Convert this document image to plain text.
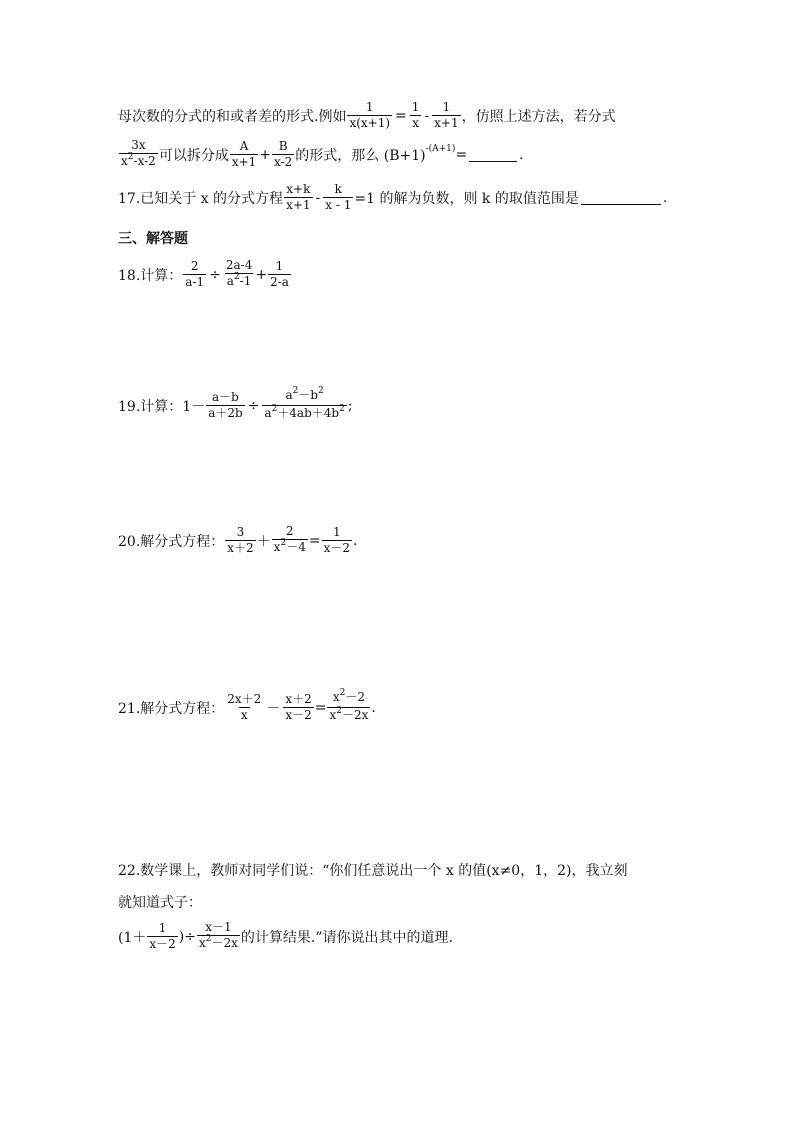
母次数的分式的和或者差的形式.例如 $\frac{1}{x(x+1)} = \frac{1}{x} - \frac{1}{x+1}$ ，仿照上述方法，若分式
$\frac{3x}{x^2-x-2}$ 可以拆分成 $\frac{A}{x+1} + \frac{B}{x-2}$ 的形式，那么 (B+1) -(A+1) =	.
17.已知关于 x 的分式方程 $\frac{x+k}{x+1} - \frac{k}{x - 1} =1$ 的解为负数，则 k 的取值范围是	.
三、解答题
18.计算： $\frac{2}{a-1} \div \frac{2a-4}{a^2-1} + \frac{1}{2-a}$
19.计算： $1- \frac{a-b}{a+2b} \div \frac{a^2-b^2}{a^2+4ab+4b^2}$ ;
20.解分式方程： $\frac{3}{x+2} + \frac{2}{x^2-4} = \frac{1}{x-2}$ .
21.解分式方程： $\frac{2x+2}{x} - \frac{x+2}{x-2} = \frac{x^2-2}{x^2-2x}$ .
22.数学课上，教师对同学们说：“你们任意说出一个 x 的值(x≠0，1，2)，我立刻
就知道式子：
($1+ \frac{1}{x-2}$ )÷ $\frac{x-1}{x^2-2x}$ 的计算结果.”请你说出其中的道理.
